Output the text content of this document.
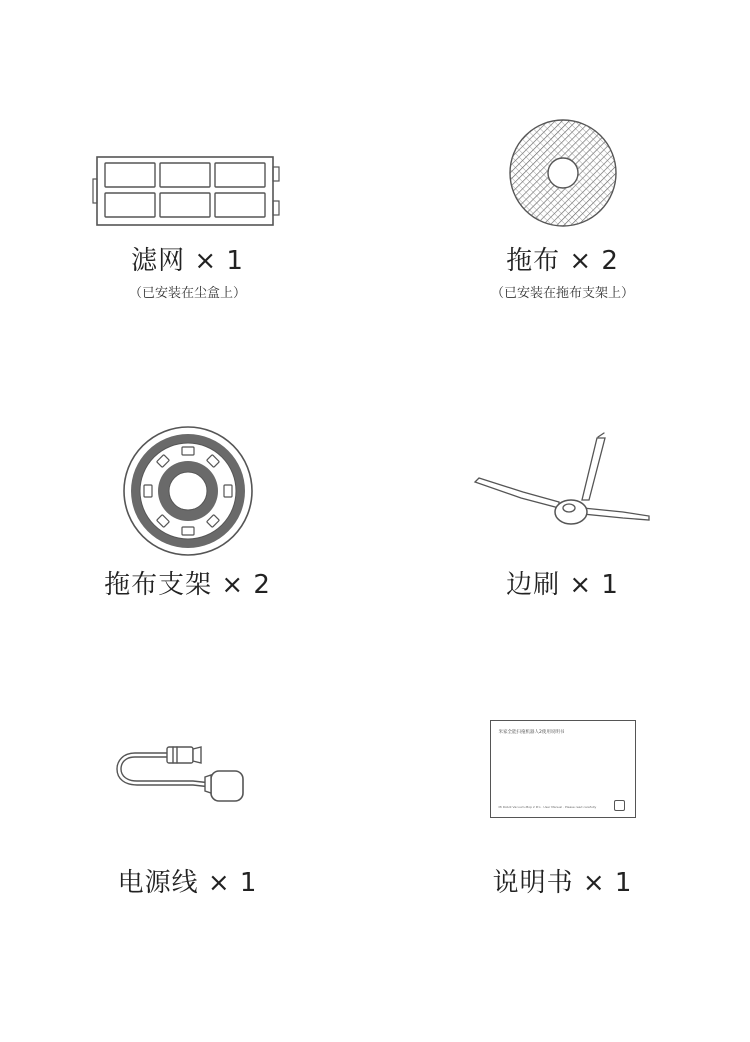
滤网 × 1
（已安装在尘盒上）
拖布 × 2
（已安装在拖布支架上）
拖布支架 × 2	边刷 × 1
电源线 × 1
米家全能扫拖机器人2使用说明书
Mi Robot Vacuum-Mop 2 Pro · User Manual · Please read carefully
说明书 × 1
